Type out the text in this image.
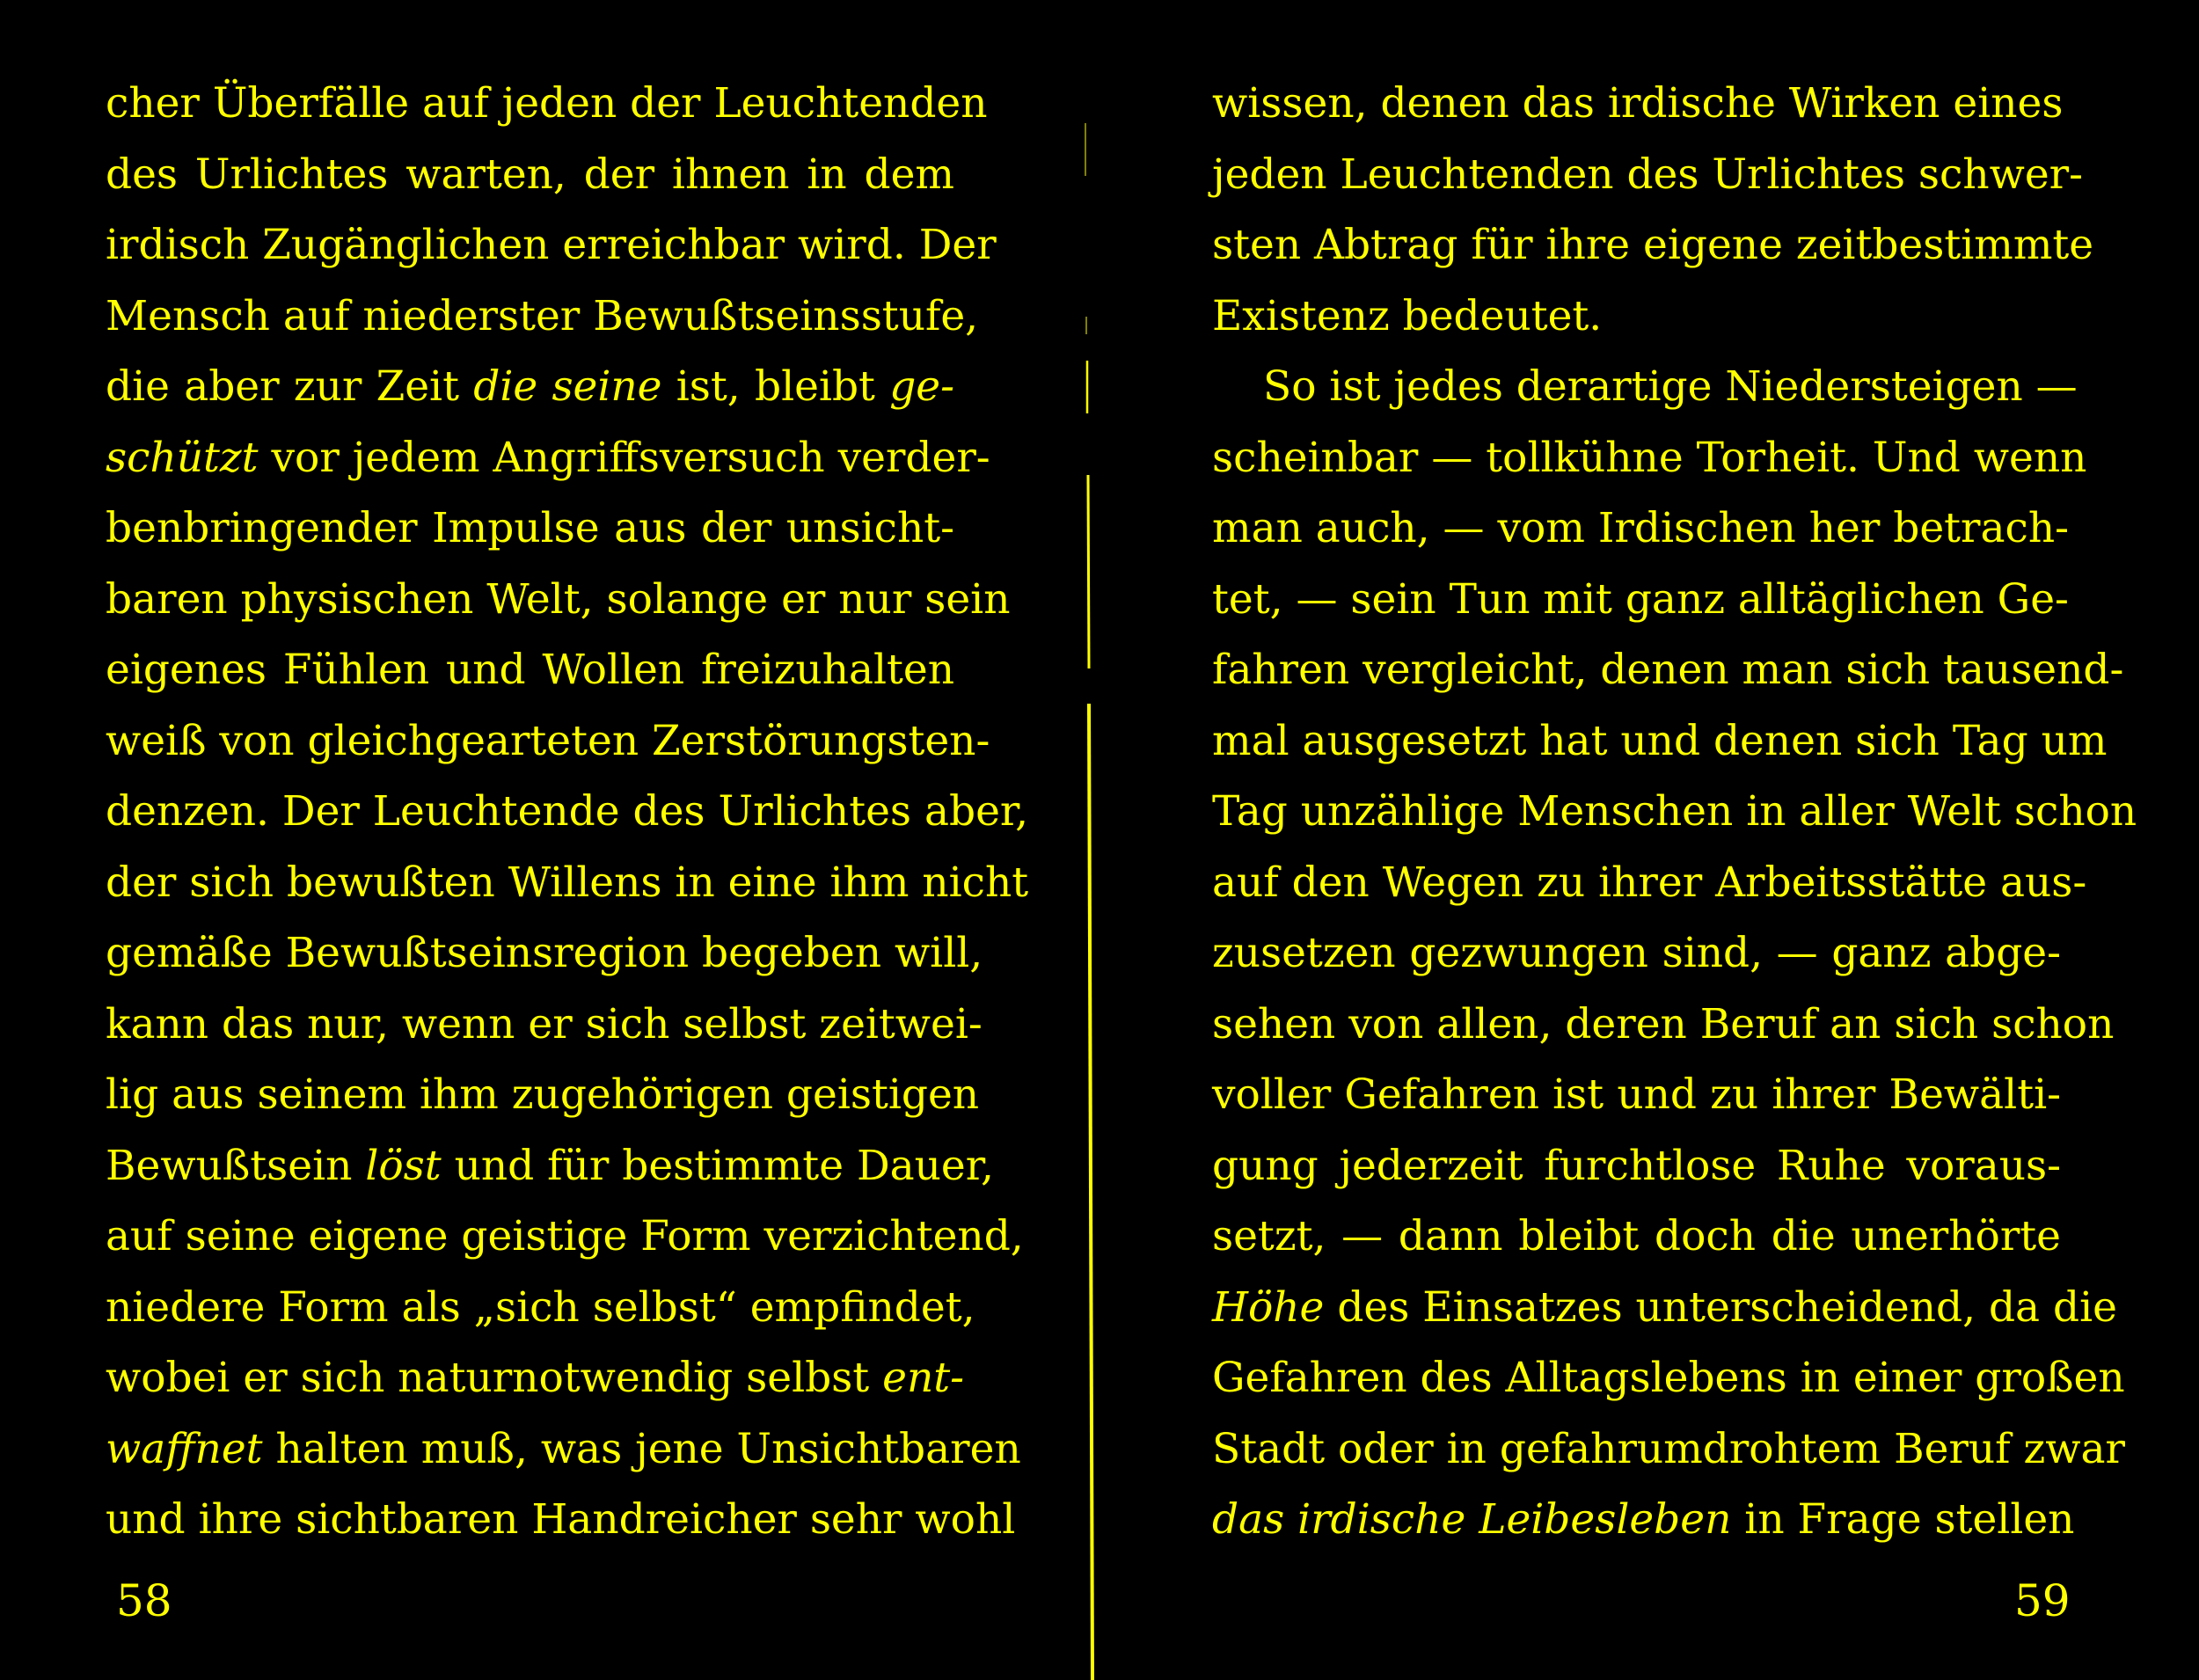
cher Überfälle auf jeden der Leuchtenden
des Urlichtes warten, der ihnen in dem
irdisch Zugänglichen erreichbar wird. Der
Mensch auf niederster Bewußtseinsstufe,
die aber zur Zeit die seine ist, bleibt ge-
schützt vor jedem Angriffsversuch verder-
benbringender Impulse aus der unsicht-
baren physischen Welt, solange er nur sein
eigenes Fühlen und Wollen freizuhalten
weiß von gleichgearteten Zerstörungsten-
denzen. Der Leuchtende des Urlichtes aber,
der sich bewußten Willens in eine ihm nicht
gemäße Bewußtseinsregion begeben will,
kann das nur, wenn er sich selbst zeitwei-
lig aus seinem ihm zugehörigen geistigen
Bewußtsein löst und für bestimmte Dauer,
auf seine eigene geistige Form verzichtend,
niedere Form als „sich selbst“ empfindet,
wobei er sich naturnotwendig selbst ent-
waffnet halten muß, was jene Unsichtbaren
und ihre sichtbaren Handreicher sehr wohl
wissen, denen das irdische Wirken eines
jeden Leuchtenden des Urlichtes schwer-
sten Abtrag für ihre eigene zeitbestimmte
Existenz bedeutet.
So ist jedes derartige Niedersteigen —
scheinbar — tollkühne Torheit. Und wenn
man auch, — vom Irdischen her betrach-
tet, — sein Tun mit ganz alltäglichen Ge-
fahren vergleicht, denen man sich tausend-
mal ausgesetzt hat und denen sich Tag um
Tag unzählige Menschen in aller Welt schon
auf den Wegen zu ihrer Arbeitsstätte aus-
zusetzen gezwungen sind, — ganz abge-
sehen von allen, deren Beruf an sich schon
voller Gefahren ist und zu ihrer Bewälti-
gung jederzeit furchtlose Ruhe voraus-
setzt, — dann bleibt doch die unerhörte
Höhe des Einsatzes unterscheidend, da die
Gefahren des Alltagslebens in einer großen
Stadt oder in gefahrumdrohtem Beruf zwar
das irdische Leibesleben in Frage stellen
58	59
